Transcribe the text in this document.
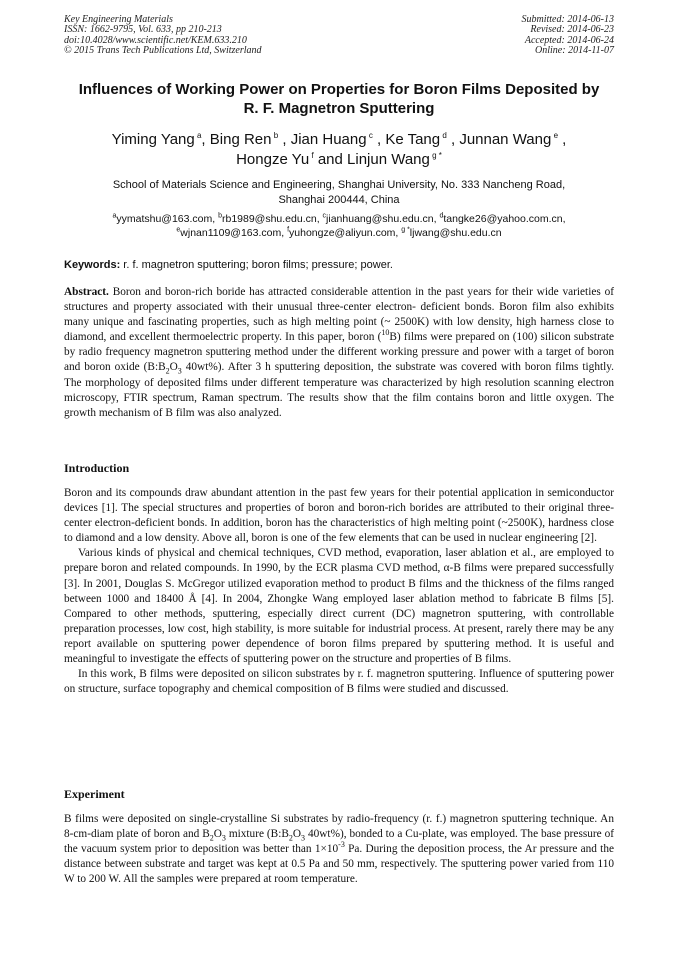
Key Engineering Materials
ISSN: 1662-9795, Vol. 633, pp 210-213
doi:10.4028/www.scientific.net/KEM.633.210
© 2015 Trans Tech Publications Ltd, Switzerland
Submitted: 2014-06-13
Revised: 2014-06-23
Accepted: 2014-06-24
Online: 2014-11-07
Influences of Working Power on Properties for Boron Films Deposited by
R. F. Magnetron Sputtering
Yiming Yang $^a$, Bing Ren $^b$ , Jian Huang $^c$ , Ke Tang $^d$ , Junnan Wang $^e$ ,
Hongze Yu $^f$ and Linjun Wang $^{g *}$
School of Materials Science and Engineering, Shanghai University, No. 333 Nancheng Road,
Shanghai 200444, China
$^a$yymatshu@163.com, $^b$rb1989@shu.edu.cn, $^c$jianhuang@shu.edu.cn, $^d$tangke26@yahoo.com.cn,
$^e$wjnan1109@163.com, $^f$yuhongze@aliyun.com, $^{g *}$ljwang@shu.edu.cn
Keywords: r. f. magnetron sputtering; boron films; pressure; power.

Abstract. Boron and boron-rich boride has attracted considerable attention in the past years for their wide varieties of structures and property associated with their unusual three-center electron- deficient bonds. Boron film also exhibits many unique and fascinating properties, such as high melting point (~ 2500K) with low density, high harness close to diamond, and excellent thermoelectric property. In this paper, boron ($^{10}$B) films were prepared on (100) silicon substrate by radio frequency magnetron sputtering method under the different working pressure and power with a target of boron and boron oxide ($B:B_2O_3$ 40wt%). After 3 h sputtering deposition, the substrate was covered with boron films tightly. The morphology of deposited films under different temperature was characterized by high resolution scanning electron microscopy, FTIR spectrum, Raman spectrum. The results show that the film contains boron and little oxygen. The growth mechanism of B film was also analyzed.

Introduction

Boron and its compounds draw abundant attention in the past few years for their potential application in semiconductor devices [1]. The special structures and properties of boron and boron-rich borides are attributed to their original three-center electron-deficient bonds. In addition, boron has the characteristics of high melting point (~2500K), hardness close to diamond and a low density. Above all, boron is one of the few elements that can be used in nuclear engineering [2].

Various kinds of physical and chemical techniques, CVD method, evaporation, laser ablation et al., are employed to prepare boron and related compounds. In 1990, by the ECR plasma CVD method, α-B films were prepared successfully [3]. In 2001, Douglas S. McGregor utilized evaporation method to product B films and the thickness of the films ranged between 1000 and 18400 Å [4]. In 2004, Zhongke Wang employed laser ablation method to fabricate B films [5]. Compared to other methods, sputtering, especially direct current (DC) magnetron sputtering, with controllable preparation processes, low cost, high stability, is more suitable for industrial process. At present, rarely there may be any report available on sputtering power dependence of boron films prepared by sputtering method. It is useful and meaningful to investigate the effects of sputtering power on the structure and properties of B films.

In this work, B films were deposited on silicon substrates by r. f. magnetron sputtering. Influence of sputtering power on structure, surface topography and chemical composition of B films were studied and discussed.

Experiment

B films were deposited on single-crystalline Si substrates by radio-frequency (r. f.) magnetron sputtering technique. An 8-cm-diam plate of boron and $B_2O_3$ mixture ($B:B_2O_3$ 40wt%), bonded to a Cu-plate, was employed. The base pressure of the vacuum system prior to deposition was better than $1\times 10^{-3}$ Pa. During the deposition process, the Ar pressure and the distance between substrate and target was kept at 0.5 Pa and 50 mm, respectively. The sputtering power varied from 110 W to 200 W. All the samples were prepared at room temperature.
